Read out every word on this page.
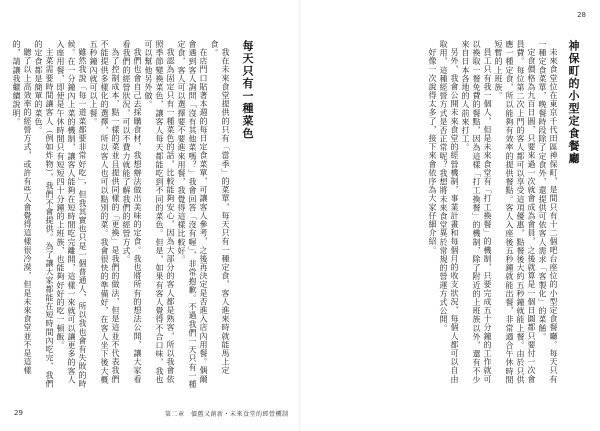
每天只有一種菜色

我在未來食堂提供的只有「當季」的菜單，每天只有一種定食，客人進來時就能馬上定食。

在店門口貼著本週的每日定食菜單，可讓客人參考，之後再決定是否進入店內用餐。偶爾會遇到客人詢問「沒有其他菜嗎？」我會回答「沒有喔」，非常抱歉。不過我們一天只有一種定食，客人可以選擇要不要進來用餐，我覺得這樣比較好。

我認為固定只有一種菜色的話，比較能夠安心，因為大部分的客人都是熟客，所以我會依照季節變換菜色，讓客人每天都能吃到不同的菜色。但是，如果有客人覺得不合口味，我也可以幫他另外做。

我們也會自己去採購食材，我想辦法做出美味的定食。我也將所有的想法公開，讓大家看看我們的經營狀況，可以不費力就能了解我們的經營方式。

為了控制成本，點一樣的菜並且提供同樣的「更換」是我們的做法，但是這並不代表我們不能提供多樣化的選擇，所以客人也可以點別的菜。我會很快的準備好，在客人坐下後大概五秒鐘內就可以上餐。

雖然我說「每一道菜都要非常好吃」，但我其實也只是一個普通人，所以我也會有失敗的時候。在一分鐘內上菜的機制，讓客人能夠在短時間吃完離開，這樣一來就可以讓更多的客人入座用餐，即使是午休時間只有短短四十分鐘的上班族，也能夠好好的吃一頓飯。

主菜需要時間讓客人（例如炸物），我們不會提供。為了讓大家都能在短時間內吃完，我們的定食都是簡單的菜色。

聽了以上高效率的經營方式，或許有些人會覺得這樣很冷漠，但是未來食堂並不是這樣的，請讓我繼續說明。

29	第二章　價舊又創新・未來食堂的經營機制
28

神保町的小型定食餐廳

未來食堂位在東京千代田區神保町，是間只有十二個吧台座位的小型定食餐廳。每天只有一種定食菜單，晚餐時段除了定食外，還提供可依客人需求「客製化」的菜餚。

定食價格為九百日圓，只要來過一次就會成為會員，之後就算是一個日圓都只要付一次會員費。每位第二次上門的客人都可以享受這項優惠，點餐後大約五秒鐘就能上餐。由於只供應一種定食，所以能夠有效率的提供餐點。客人入座後五秒鐘就能出餐，非常適合午休時間短暫的上班族。

員工只有我一個人，但是未來食堂有「打工換餐」的機制，只要完成五十分鐘的工作就可以換取一餐免費的餐點，因為這樣「打工換餐」的機制，除了附近的上班族以外，還有不少來自日本各地的人前來打工。

另外，我會公開未來食堂的經營機制，事業計畫和每個月的收支狀況，每個人都可以自由取用，這種經營方式是否正常呢？我想將未來食堂異於常規的營運方式公開。

好像一次說得太多了，接下來會依序為大家仔細介紹。
